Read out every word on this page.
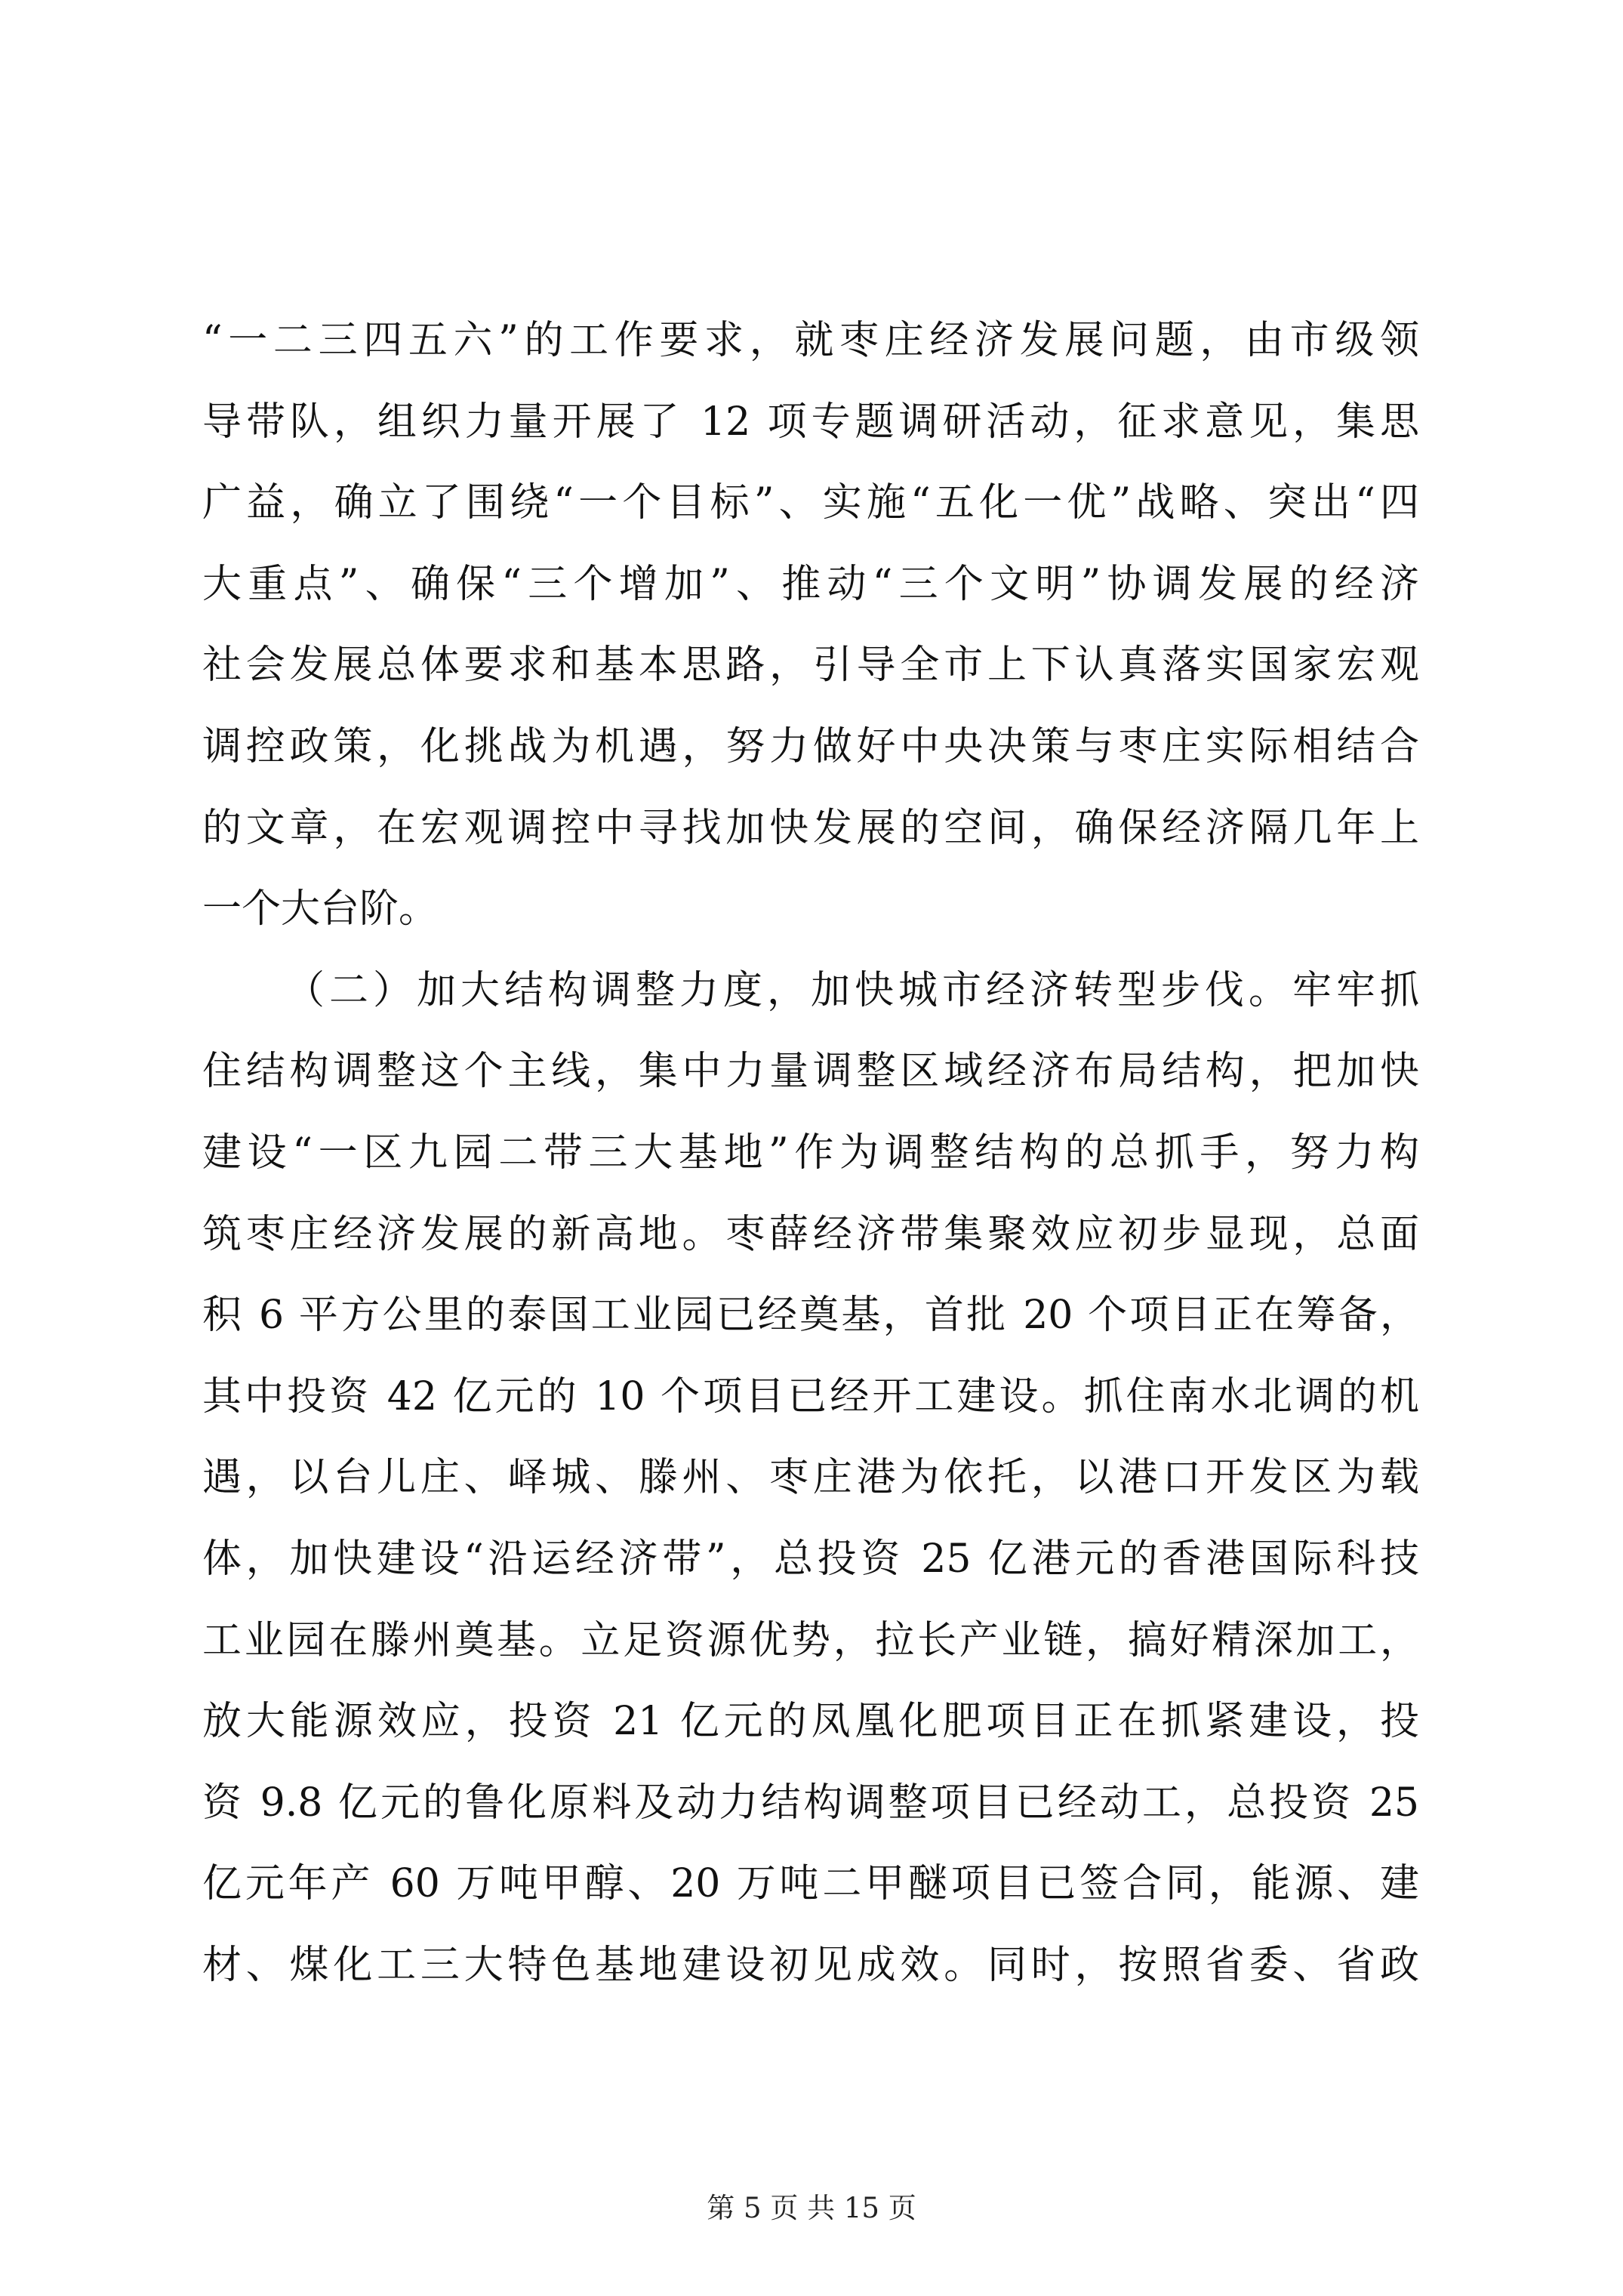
“一二三四五六”的工作要求，就枣庄经济发展问题，由市级领
导带队，组织力量开展了 12 项专题调研活动，征求意见，集思
广益，确立了围绕“一个目标”、实施“五化一优”战略、突出“四
大重点”、确保“三个增加”、推动“三个文明”协调发展的经济
社会发展总体要求和基本思路，引导全市上下认真落实国家宏观
调控政策，化挑战为机遇，努力做好中央决策与枣庄实际相结合
的文章，在宏观调控中寻找加快发展的空间，确保经济隔几年上
一个大台阶。
（二）加大结构调整力度，加快城市经济转型步伐。牢牢抓
住结构调整这个主线，集中力量调整区域经济布局结构，把加快
建设“一区九园二带三大基地”作为调整结构的总抓手，努力构
筑枣庄经济发展的新高地。枣薛经济带集聚效应初步显现，总面
积 6 平方公里的泰国工业园已经奠基，首批 20 个项目正在筹备，
其中投资 42 亿元的 10 个项目已经开工建设。抓住南水北调的机
遇，以台儿庄、峄城、滕州、枣庄港为依托，以港口开发区为载
体，加快建设“沿运经济带”，总投资 25 亿港元的香港国际科技
工业园在滕州奠基。立足资源优势，拉长产业链，搞好精深加工，
放大能源效应，投资 21 亿元的凤凰化肥项目正在抓紧建设，投
资 9.8 亿元的鲁化原料及动力结构调整项目已经动工，总投资 25
亿元年产 60 万吨甲醇、20 万吨二甲醚项目已签合同，能源、建
材、煤化工三大特色基地建设初见成效。同时，按照省委、省政
第 5 页 共 15 页
